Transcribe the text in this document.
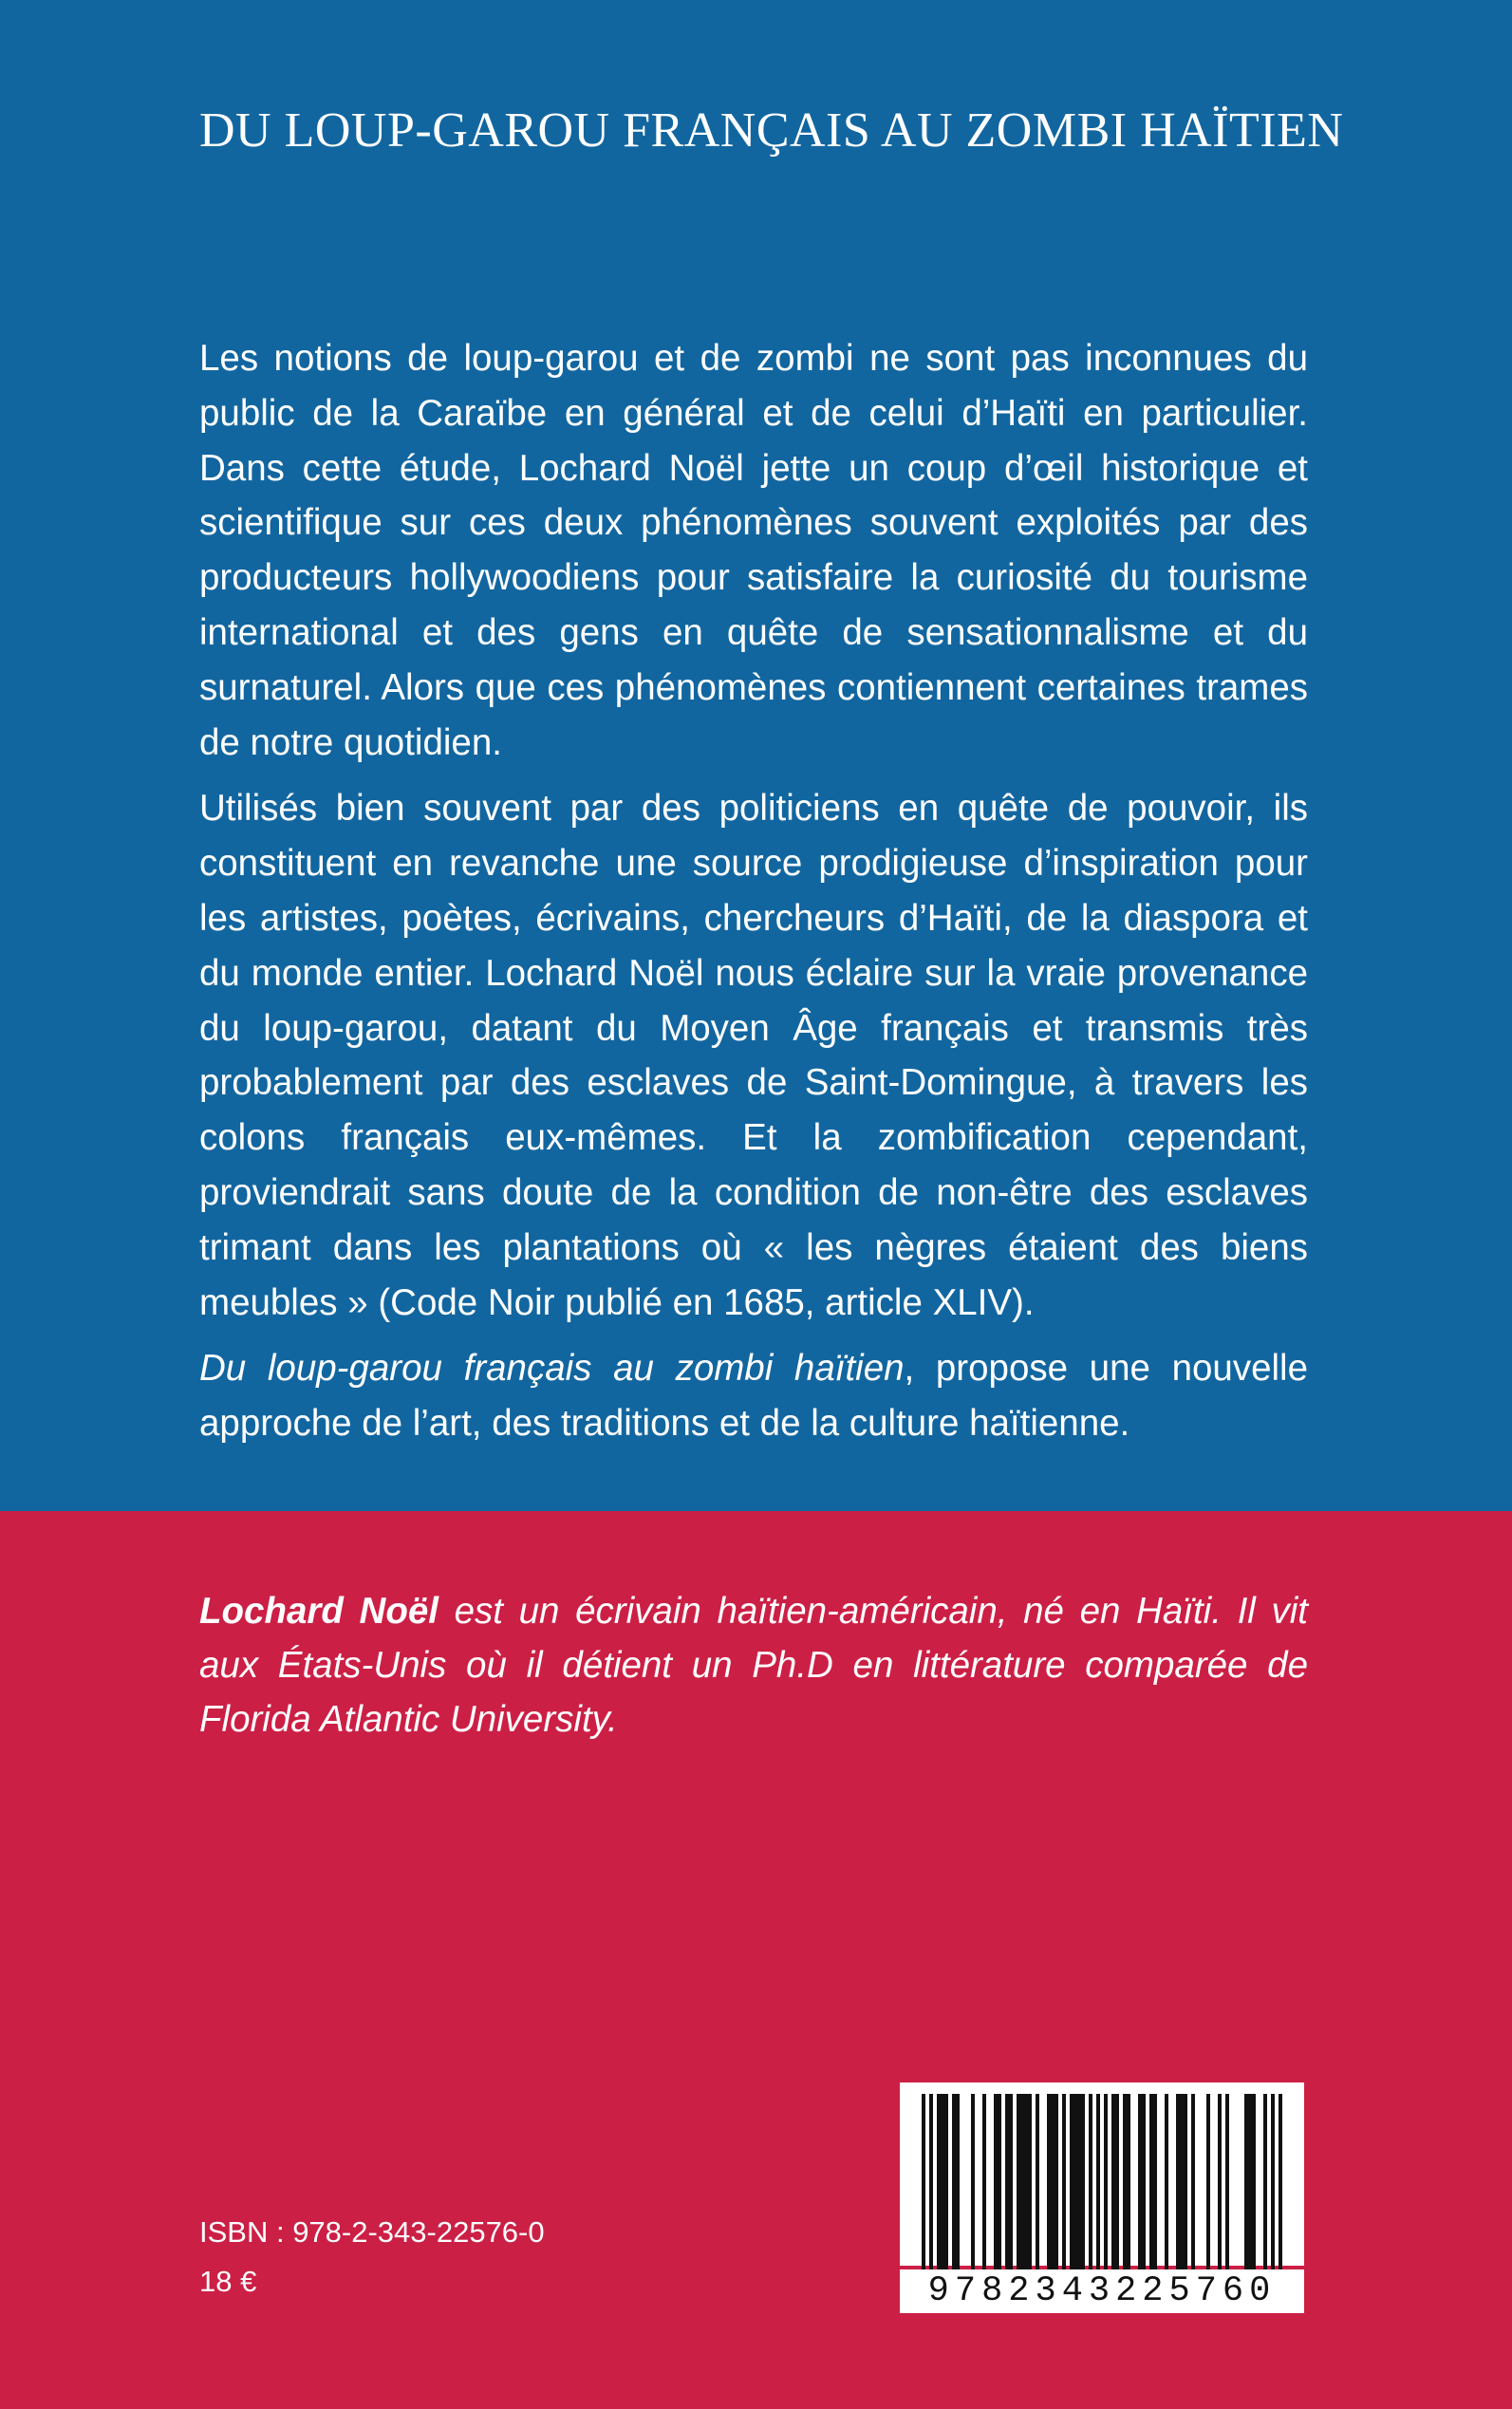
DU LOUP-GAROU FRANÇAIS AU ZOMBI HAÏTIEN

Les notions de loup-garou et de zombi ne sont pas inconnues du public de la Caraïbe en général et de celui d’Haïti en particulier. Dans cette étude, Lochard Noël jette un coup d’œil historique et scientifique sur ces deux phénomènes souvent exploités par des producteurs hollywoodiens pour satisfaire la curiosité du tourisme international et des gens en quête de sensationnalisme et du surnaturel. Alors que ces phénomènes contiennent certaines trames de notre quotidien.

Utilisés bien souvent par des politiciens en quête de pouvoir, ils constituent en revanche une source prodigieuse d’inspiration pour les artistes, poètes, écrivains, chercheurs d’Haïti, de la diaspora et du monde entier. Lochard Noël nous éclaire sur la vraie provenance du loup-garou, datant du Moyen Âge français et transmis très probablement par des esclaves de Saint-Domingue, à travers les colons français eux-mêmes. Et la zombification cependant, proviendrait sans doute de la condition de non-être des esclaves trimant dans les plantations où « les nègres étaient des biens meubles » (Code Noir publié en 1685, article XLIV).

Du loup-garou français au zombi haïtien, propose une nouvelle approche de l’art, des traditions et de la culture haïtienne.

Lochard Noël est un écrivain haïtien-américain, né en Haïti. Il vit aux États-Unis où il détient un Ph.D en littérature comparée de Florida Atlantic University.
ISBN : 978-2-343-22576-0
18 €	9782343225760
